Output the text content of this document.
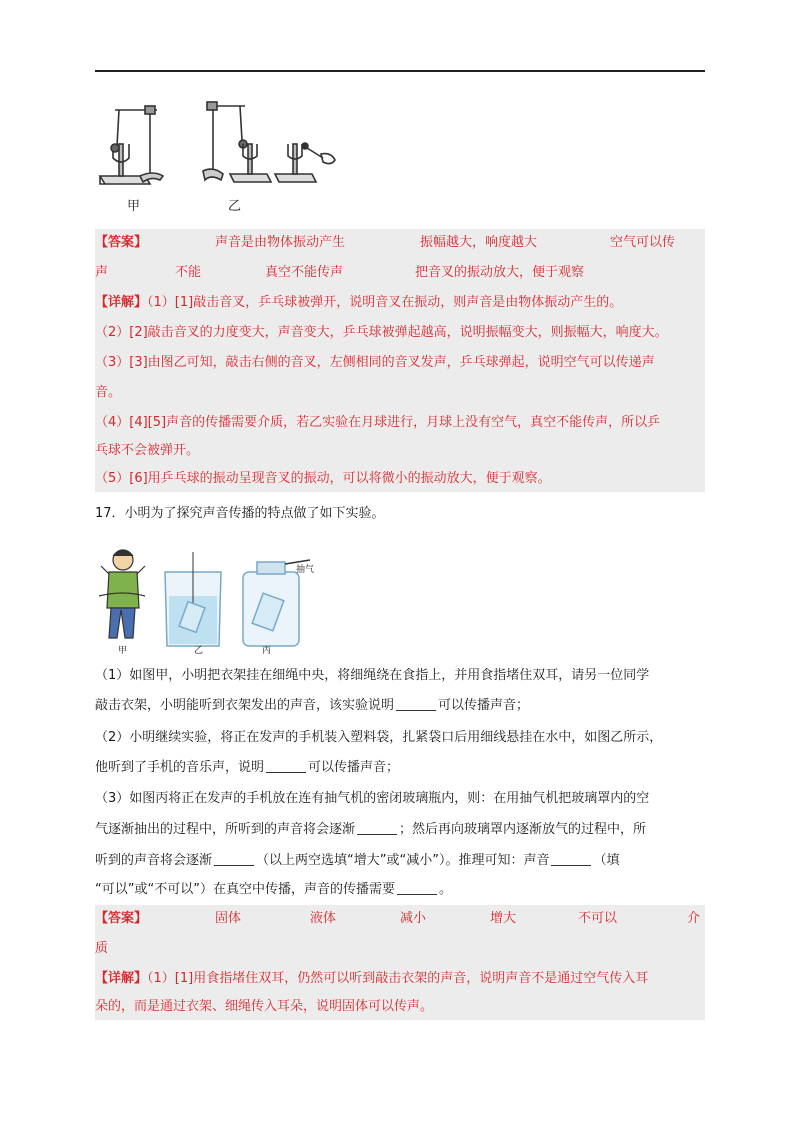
甲	乙
【答案】	声音是由物体振动产生	振幅越大，响度越大	空气可以传
声	不能	真空不能传声	把音叉的振动放大，便于观察
【详解】（1）[1]敲击音叉，乒乓球被弹开，说明音叉在振动，则声音是由物体振动产生的。
（2）[2]敲击音叉的力度变大，声音变大，乒乓球被弹起越高，说明振幅变大，则振幅大，响度大。
（3）[3]由图乙可知，敲击右侧的音叉，左侧相同的音叉发声，乒乓球弹起，说明空气可以传递声
音。
（4）[4][5]声音的传播需要介质，若乙实验在月球进行，月球上没有空气，真空不能传声，所以乒
乓球不会被弹开。
（5）[6]用乒乓球的振动呈现音叉的振动，可以将微小的振动放大，便于观察。
17．小明为了探究声音传播的特点做了如下实验。
甲	乙	丙
抽气
（1）如图甲，小明把衣架挂在细绳中央，将细绳绕在食指上，并用食指堵住双耳，请另一位同学
敲击衣架，小明能听到衣架发出的声音，该实验说明	可以传播声音；
（2）小明继续实验，将正在发声的手机装入塑料袋，扎紧袋口后用细线悬挂在水中，如图乙所示，
他听到了手机的音乐声，说明	可以传播声音；
（3）如图丙将正在发声的手机放在连有抽气机的密闭玻璃瓶内，则：在用抽气机把玻璃罩内的空
气逐渐抽出的过程中，所听到的声音将会逐渐	；然后再向玻璃罩内逐渐放气的过程中，所
听到的声音将会逐渐	（以上两空选填“增大”或“减小”）。推理可知：声音	（填
“可以”或“不可以”）在真空中传播，声音的传播需要	。
【答案】	固体	液体	减小	增大	不可以	介
质
【详解】（1）[1]用食指堵住双耳，仍然可以听到敲击衣架的声音，说明声音不是通过空气传入耳
朵的，而是通过衣架、细绳传入耳朵，说明固体可以传声。
